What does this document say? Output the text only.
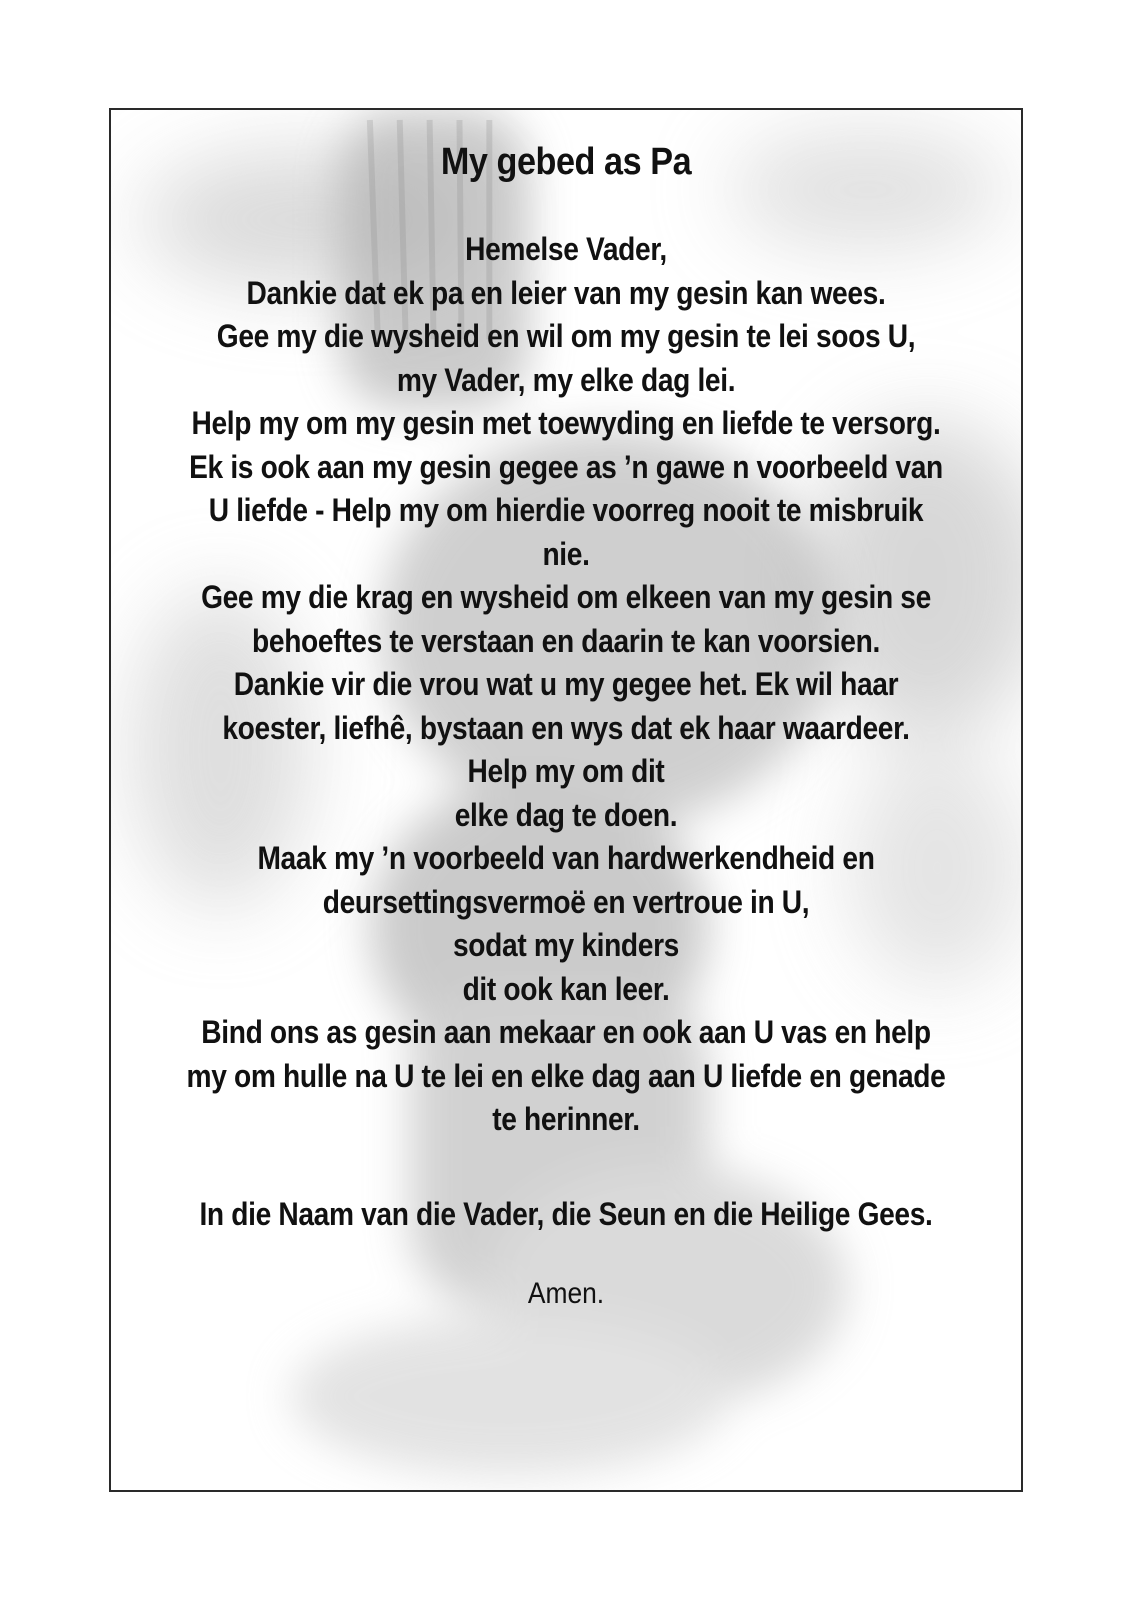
My gebed as Pa
Hemelse Vader,
Dankie dat ek pa en leier van my gesin kan wees.
Gee my die wysheid en wil om my gesin te lei soos U,
my Vader, my elke dag lei.
Help my om my gesin met toewyding en liefde te versorg.
Ek is ook aan my gesin gegee as ’n gawe n voorbeeld van
U liefde - Help my om hierdie voorreg nooit te misbruik
nie.
Gee my die krag en wysheid om elkeen van my gesin se
behoeftes te verstaan en daarin te kan voorsien.
Dankie vir die vrou wat u my gegee het. Ek wil haar
koester, liefhê, bystaan en wys dat ek haar waardeer.
Help my om dit
elke dag te doen.
Maak my ’n voorbeeld van hardwerkendheid en
deursettingsvermoë en vertroue in U,
sodat my kinders
dit ook kan leer.
Bind ons as gesin aan mekaar en ook aan U vas en help
my om hulle na U te lei en elke dag aan U liefde en genade
te herinner.
In die Naam van die Vader, die Seun en die Heilige Gees.
Amen.
